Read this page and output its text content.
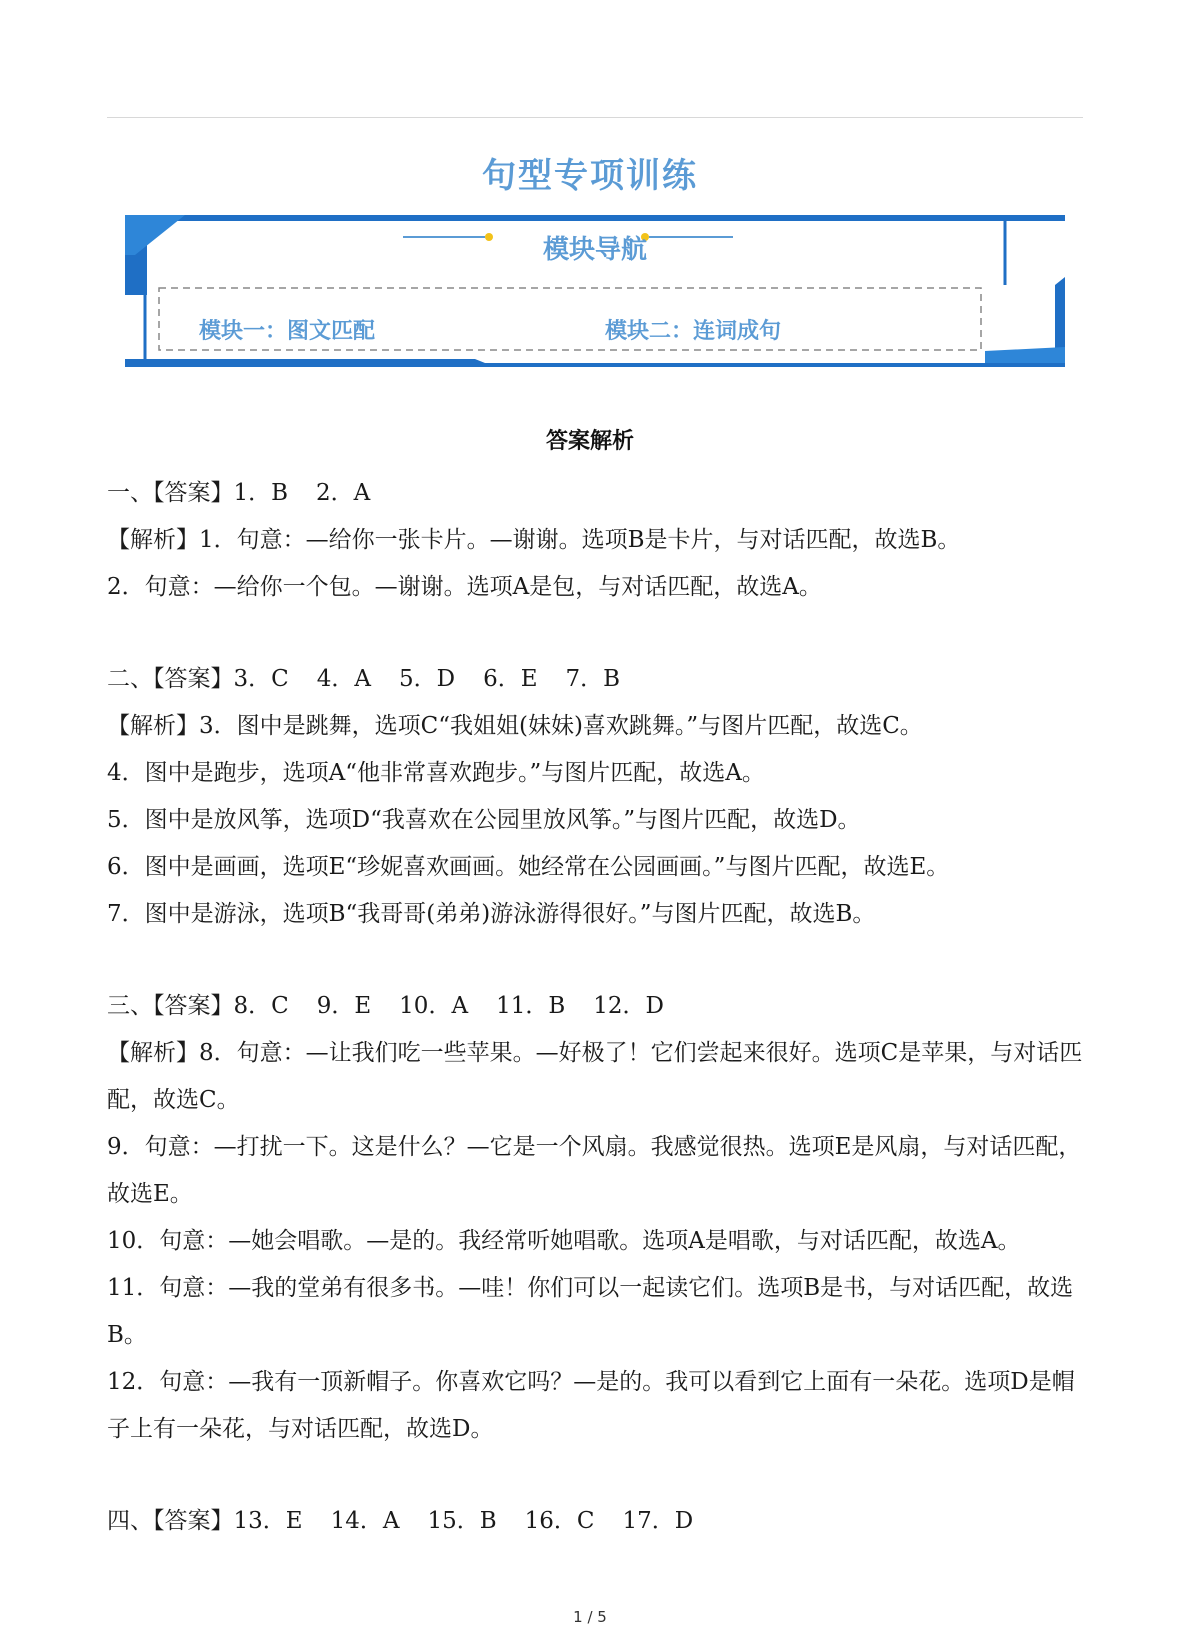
句型专项训练
模块导航
模块一：图文匹配	模块二：连词成句
答案解析
一、【答案】1．B 2．A
【解析】1．句意：—给你一张卡片。—谢谢。选项B是卡片，与对话匹配，故选B。
2．句意：—给你一个包。—谢谢。选项A是包，与对话匹配，故选A。
二、【答案】3．C 4．A 5．D 6．E 7．B
【解析】3．图中是跳舞，选项C“我姐姐(妹妹)喜欢跳舞。”与图片匹配，故选C。
4．图中是跑步，选项A“他非常喜欢跑步。”与图片匹配，故选A。
5．图中是放风筝，选项D“我喜欢在公园里放风筝。”与图片匹配，故选D。
6．图中是画画，选项E“珍妮喜欢画画。她经常在公园画画。”与图片匹配，故选E。
7．图中是游泳，选项B“我哥哥(弟弟)游泳游得很好。”与图片匹配，故选B。
三、【答案】8．C 9．E 10．A 11．B 12．D
【解析】8．句意：—让我们吃一些苹果。—好极了！它们尝起来很好。选项C是苹果，与对话匹配，故选C。
9．句意：—打扰一下。这是什么？—它是一个风扇。我感觉很热。选项E是风扇，与对话匹配，故选E。
10．句意：—她会唱歌。—是的。我经常听她唱歌。选项A是唱歌，与对话匹配，故选A。
11．句意：—我的堂弟有很多书。—哇！你们可以一起读它们。选项B是书，与对话匹配，故选B。
12．句意：—我有一顶新帽子。你喜欢它吗？—是的。我可以看到它上面有一朵花。选项D是帽子上有一朵花，与对话匹配，故选D。
四、【答案】13．E 14．A 15．B 16．C 17．D
1 / 5
